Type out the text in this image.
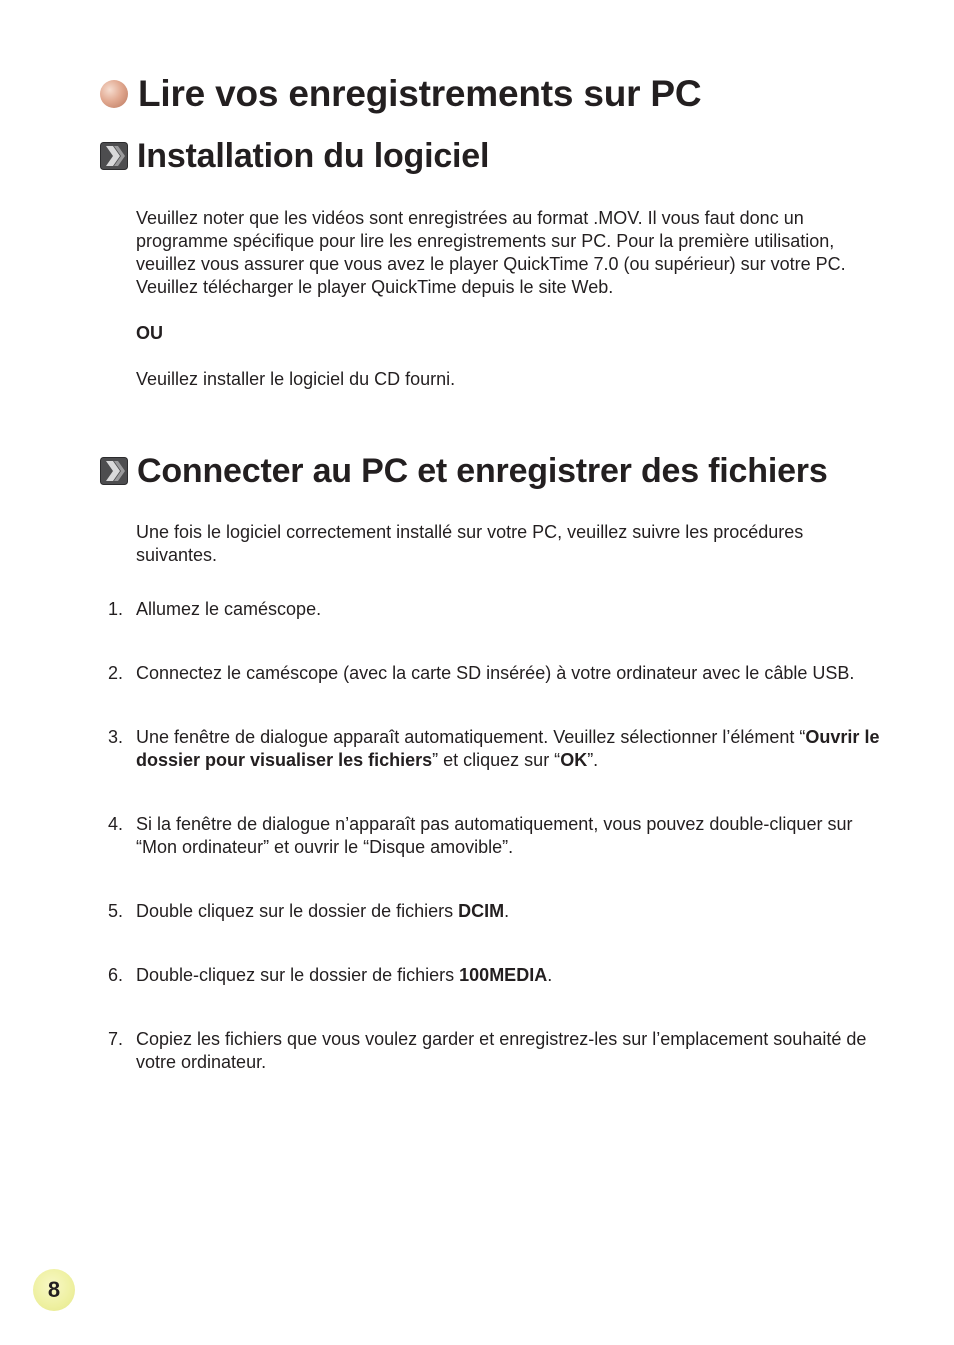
Lire vos enregistrements sur PC
Installation du logiciel

Veuillez noter que les vidéos sont enregistrées au format .MOV. Il vous faut donc un programme spécifique pour lire les enregistrements sur PC. Pour la première utilisation, veuillez vous assurer que vous avez le player QuickTime 7.0 (ou supérieur) sur votre PC. Veuillez télécharger le player QuickTime depuis le site Web.

OU

Veuillez installer le logiciel du CD fourni.

Connecter au PC et enregistrer des fichiers

Une fois le logiciel correctement installé sur votre PC, veuillez suivre les procédures suivantes.

1. Allumez le caméscope.
2. Connectez le caméscope (avec la carte SD insérée) à votre ordinateur avec le câble USB.
3. Une fenêtre de dialogue apparaît automatiquement. Veuillez sélectionner l’élément “Ouvrir le dossier pour visualiser les fichiers” et cliquez sur “OK”.
4. Si la fenêtre de dialogue n’apparaît pas automatiquement, vous pouvez double-cliquer sur “Mon ordinateur” et ouvrir le “Disque amovible”.
5. Double cliquez sur le dossier de fichiers DCIM.
6. Double-cliquez sur le dossier de fichiers 100MEDIA.
7. Copiez les fichiers que vous voulez garder et enregistrez-les sur l’emplacement souhaité de votre ordinateur.
8
